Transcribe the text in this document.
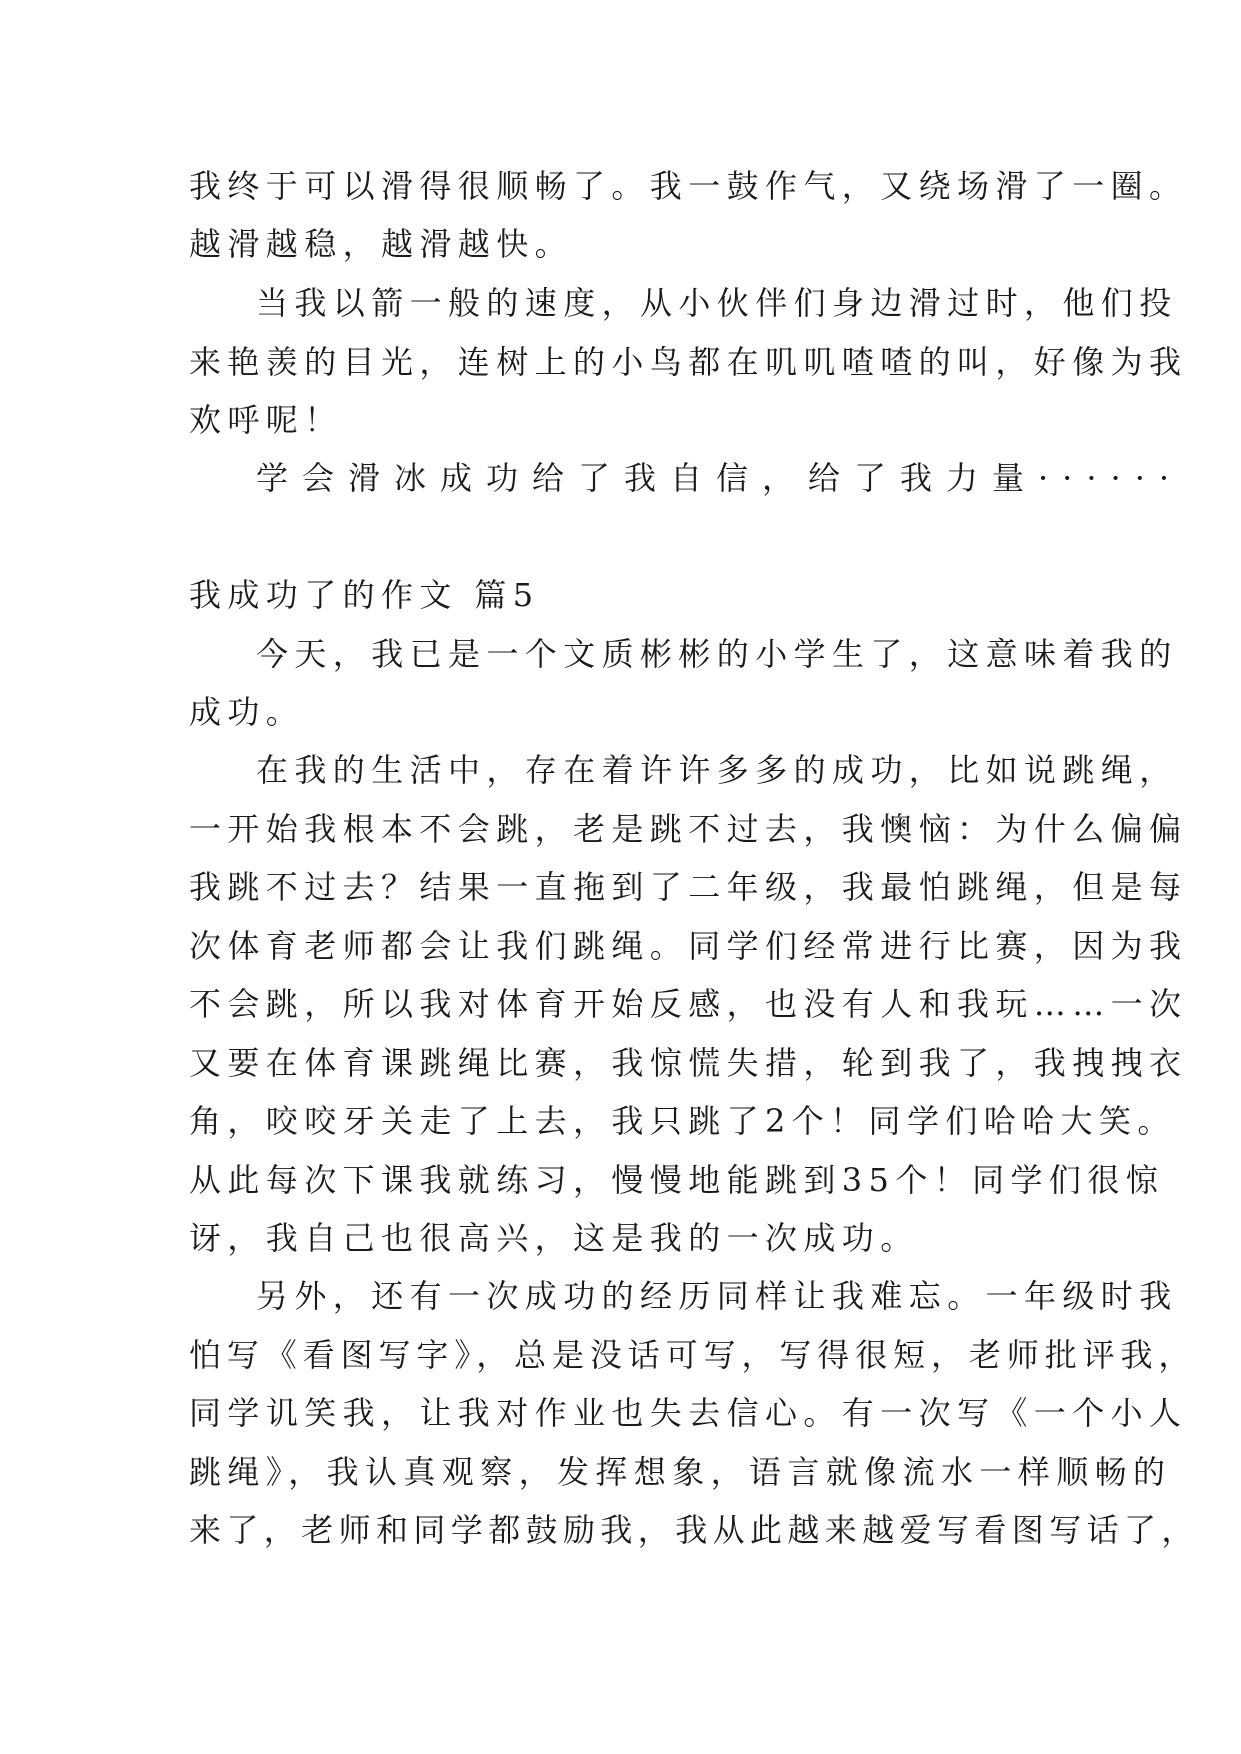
我终于可以滑得很顺畅了。我一鼓作气，又绕场滑了一圈。
越滑越稳，越滑越快。
当我以箭一般的速度，从小伙伴们身边滑过时，他们投
来艳羡的目光，连树上的小鸟都在叽叽喳喳的叫，好像为我
欢呼呢！
学会滑冰成功给了我自信，给了我力量······
我成功了的作文 篇5
今天，我已是一个文质彬彬的小学生了，这意味着我的
成功。
在我的生活中，存在着许许多多的成功，比如说跳绳，
一开始我根本不会跳，老是跳不过去，我懊恼：为什么偏偏
我跳不过去？结果一直拖到了二年级，我最怕跳绳，但是每
次体育老师都会让我们跳绳。同学们经常进行比赛，因为我
不会跳，所以我对体育开始反感，也没有人和我玩……一次
又要在体育课跳绳比赛，我惊慌失措，轮到我了，我拽拽衣
角，咬咬牙关走了上去，我只跳了2个！同学们哈哈大笑。
从此每次下课我就练习，慢慢地能跳到35个！同学们很惊
讶，我自己也很高兴，这是我的一次成功。
另外，还有一次成功的经历同样让我难忘。一年级时我
怕写《看图写字》，总是没话可写，写得很短，老师批评我，
同学讥笑我，让我对作业也失去信心。有一次写《一个小人
跳绳》，我认真观察，发挥想象，语言就像流水一样顺畅的
来了，老师和同学都鼓励我，我从此越来越爱写看图写话了，
